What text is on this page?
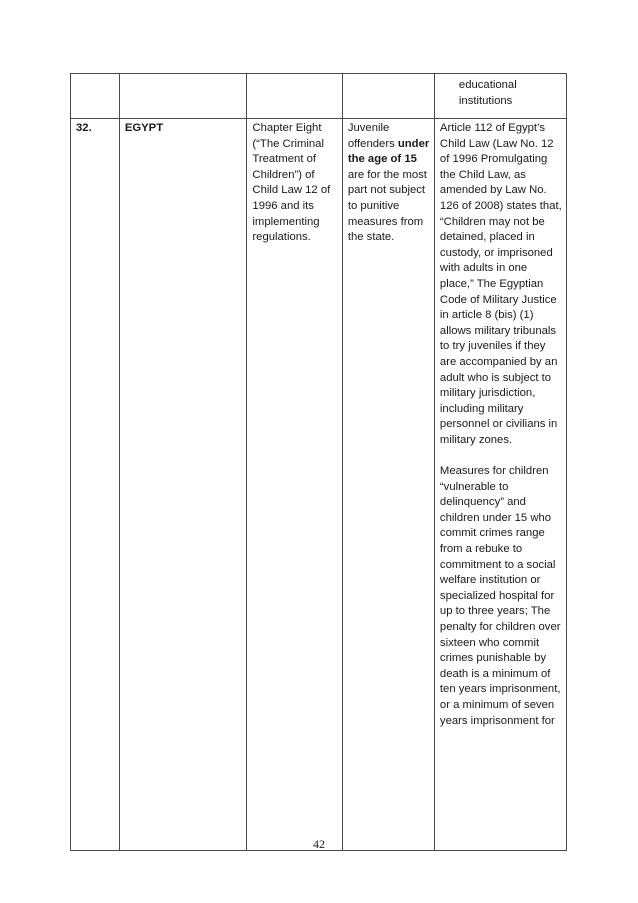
				educational institutions
32.	EGYPT	Chapter Eight (“The Criminal Treatment of Children”) of Child Law 12 of 1996 and its implementing regulations.	Juvenile offenders under the age of 15 are for the most part not subject to punitive measures from the state.	Article 112 of Egypt’s Child Law (Law No. 12 of 1996 Promulgating the Child Law, as amended by Law No. 126 of 2008) states that, “Children may not be detained, placed in custody, or imprisoned with adults in one place,” The Egyptian Code of Military Justice in article 8 (bis) (1) allows military tribunals to try juveniles if they are accompanied by an adult who is subject to military jurisdiction, including military personnel or civilians in military zones.

Measures for children “vulnerable to delinquency” and children under 15 who commit crimes range from a rebuke to commitment to a social welfare institution or specialized hospital for up to three years; The penalty for children over sixteen who commit crimes punishable by death is a minimum of ten years imprisonment, or a minimum of seven years imprisonment for

42
